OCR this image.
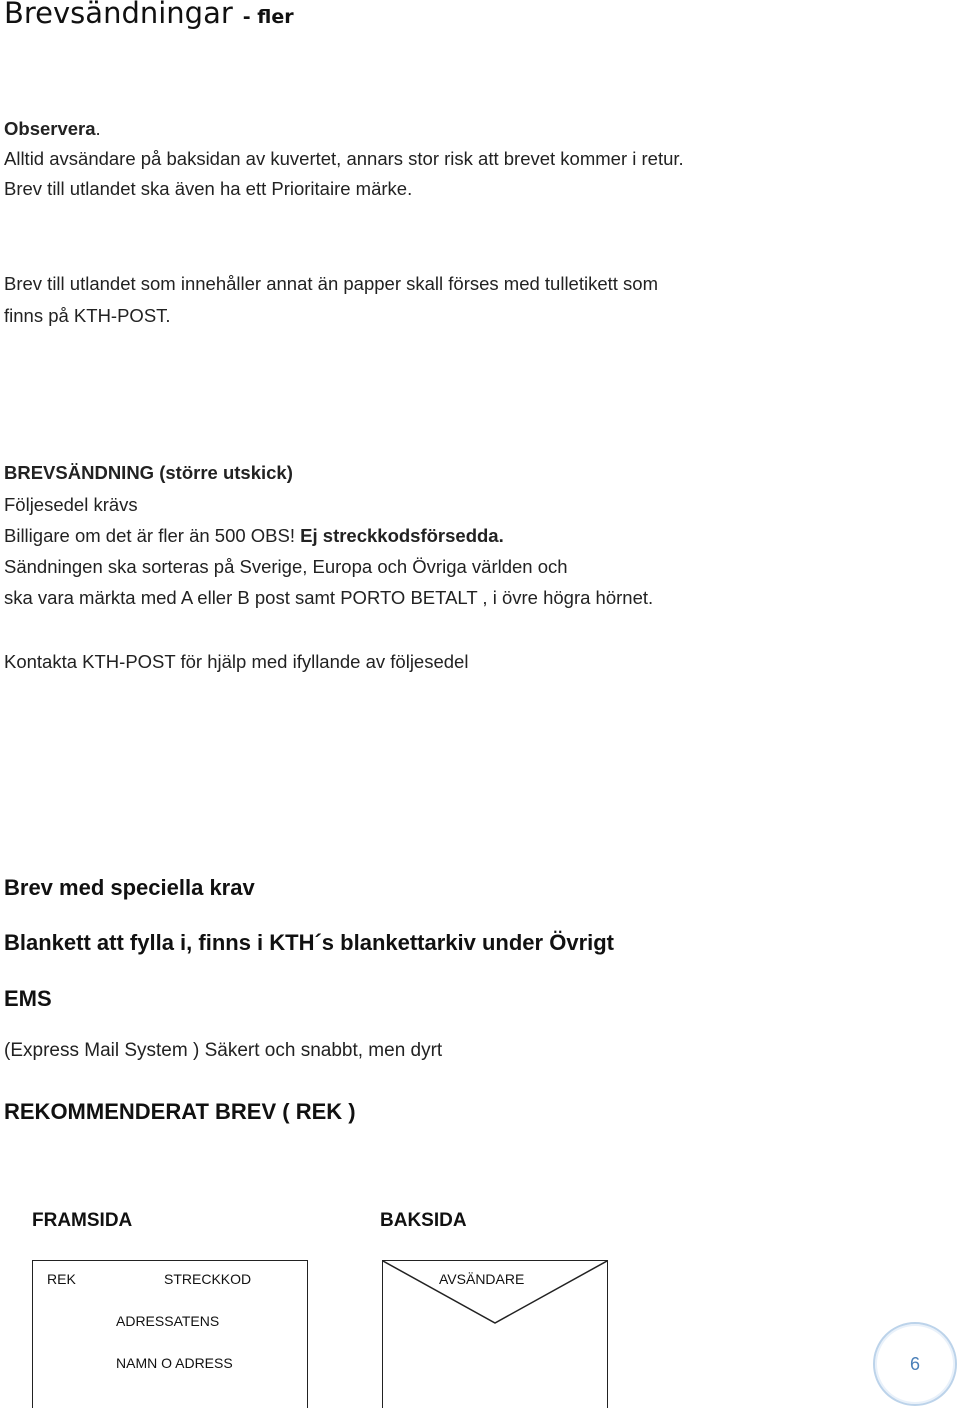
Brevsändningar - fler
Observera.
Alltid avsändare på baksidan av kuvertet, annars stor risk att brevet kommer i retur.
Brev till utlandet ska även ha ett Prioritaire märke.
Brev till utlandet som innehåller annat än papper skall förses med tulletikett som
finns på KTH-POST.
BREVSÄNDNING (större utskick)
Följesedel krävs
Billigare om det är fler än 500 OBS! Ej streckkodsförsedda.
Sändningen ska sorteras på Sverige, Europa och Övriga världen och
ska vara märkta med A eller B post samt PORTO BETALT , i övre högra hörnet.
Kontakta KTH-POST för hjälp med ifyllande av följesedel
Brev med speciella krav
Blankett att fylla i, finns i KTH´s blankettarkiv under Övrigt
EMS
(Express Mail System ) Säkert och snabbt, men dyrt
REKOMMENDERAT BREV ( REK )
FRAMSIDA	BAKSIDA
REK	STRECKKOD
ADRESSATENS
NAMN O ADRESS
AVSÄNDARE
6
